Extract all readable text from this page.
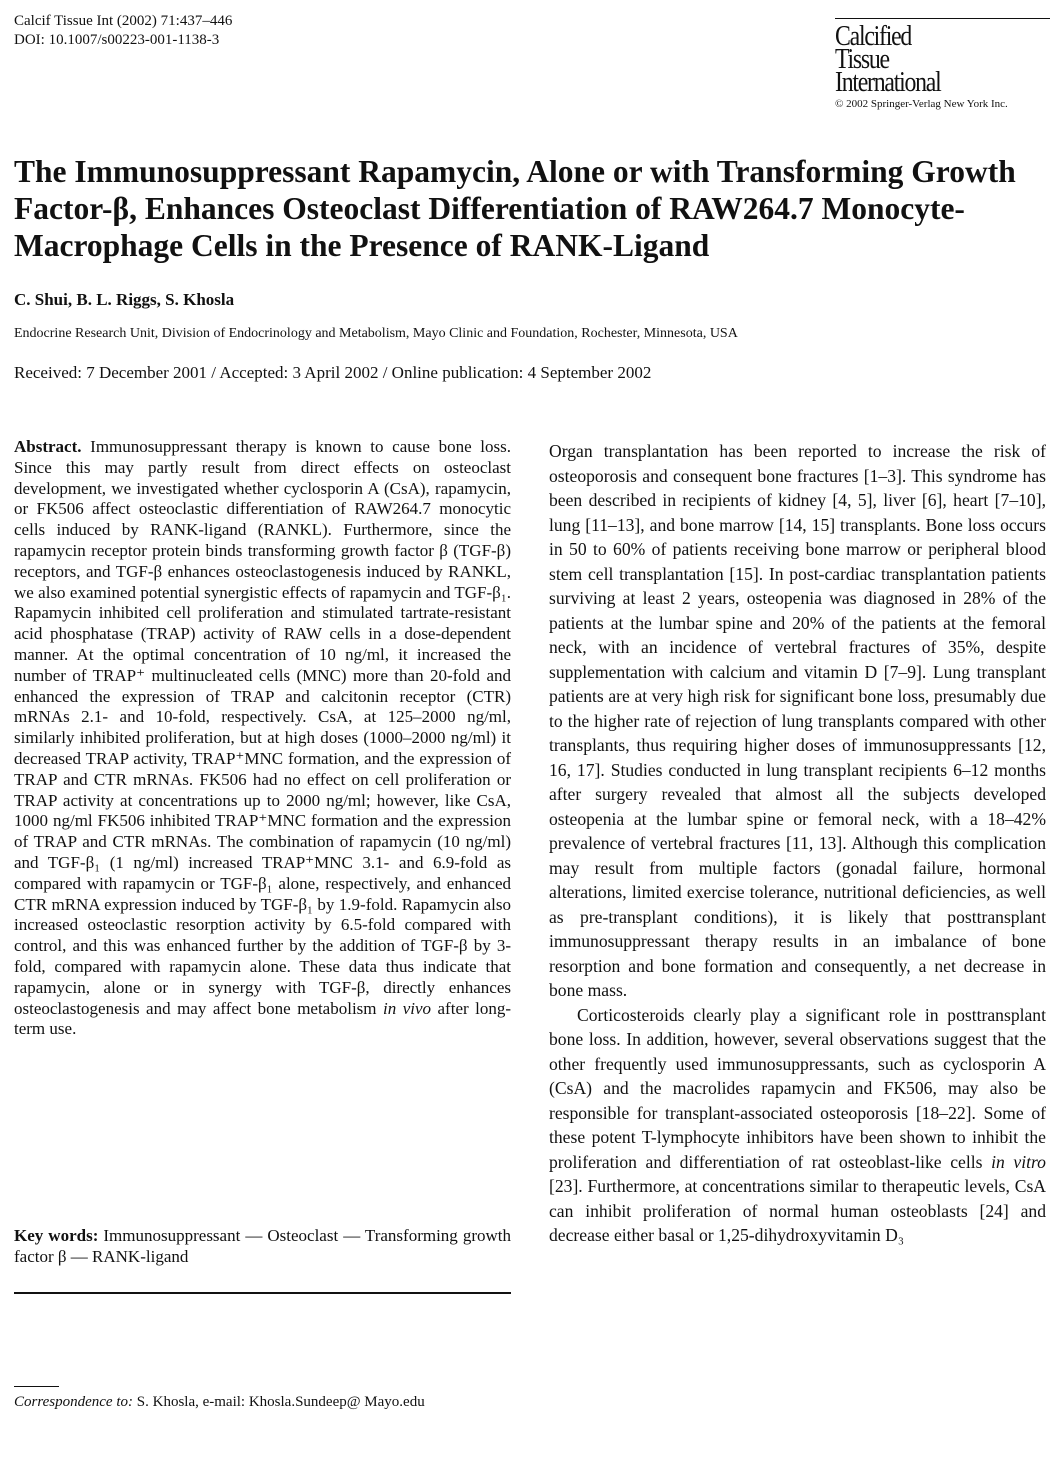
Calcif Tissue Int (2002) 71:437–446
DOI: 10.1007/s00223-001-1138-3	Calcified
Tissue
International
© 2002 Springer-Verlag New York Inc.
The Immunosuppressant Rapamycin, Alone or with Transforming Growth Factor-β, Enhances Osteoclast Differentiation of RAW264.7 Monocyte-Macrophage Cells in the Presence of RANK-Ligand
C. Shui, B. L. Riggs, S. Khosla
Endocrine Research Unit, Division of Endocrinology and Metabolism, Mayo Clinic and Foundation, Rochester, Minnesota, USA
Received: 7 December 2001 / Accepted: 3 April 2002 / Online publication: 4 September 2002

Abstract. Immunosuppressant therapy is known to cause bone loss. Since this may partly result from direct effects on osteoclast development, we investigated whether cyclosporin A (CsA), rapamycin, or FK506 affect osteoclastic differentiation of RAW264.7 monocytic cells induced by RANK-ligand (RANKL). Furthermore, since the rapamycin receptor protein binds transforming growth factor β (TGF-β) receptors, and TGF-β enhances osteoclastogenesis induced by RANKL, we also examined potential synergistic effects of rapamycin and TGF-β₁. Rapamycin inhibited cell proliferation and stimulated tartrate-resistant acid phosphatase (TRAP) activity of RAW cells in a dose-dependent manner. At the optimal concentration of 10 ng/ml, it increased the number of TRAP⁺ multinucleated cells (MNC) more than 20-fold and enhanced the expression of TRAP and calcitonin receptor (CTR) mRNAs 2.1- and 10-fold, respectively. CsA, at 125–2000 ng/ml, similarly inhibited proliferation, but at high doses (1000–2000 ng/ml) it decreased TRAP activity, TRAP⁺MNC formation, and the expression of TRAP and CTR mRNAs. FK506 had no effect on cell proliferation or TRAP activity at concentrations up to 2000 ng/ml; however, like CsA, 1000 ng/ml FK506 inhibited TRAP⁺MNC formation and the expression of TRAP and CTR mRNAs. The combination of rapamycin (10 ng/ml) and TGF-β₁ (1 ng/ml) increased TRAP⁺MNC 3.1- and 6.9-fold as compared with rapamycin or TGF-β₁ alone, respectively, and enhanced CTR mRNA expression induced by TGF-β₁ by 1.9-fold. Rapamycin also increased osteoclastic resorption activity by 6.5-fold compared with control, and this was enhanced further by the addition of TGF-β by 3-fold, compared with rapamycin alone. These data thus indicate that rapamycin, alone or in synergy with TGF-β, directly enhances osteoclastogenesis and may affect bone metabolism in vivo after long-term use.

Key words: Immunosuppressant — Osteoclast — Transforming growth factor β — RANK-ligand

Correspondence to: S. Khosla, e-mail: Khosla.Sundeep@ Mayo.edu

Organ transplantation has been reported to increase the risk of osteoporosis and consequent bone fractures [1–3]. This syndrome has been described in recipients of kidney [4, 5], liver [6], heart [7–10], lung [11–13], and bone marrow [14, 15] transplants. Bone loss occurs in 50 to 60% of patients receiving bone marrow or peripheral blood stem cell transplantation [15]. In post-cardiac transplantation patients surviving at least 2 years, osteopenia was diagnosed in 28% of the patients at the lumbar spine and 20% of the patients at the femoral neck, with an incidence of vertebral fractures of 35%, despite supplementation with calcium and vitamin D [7–9]. Lung transplant patients are at very high risk for significant bone loss, presumably due to the higher rate of rejection of lung transplants compared with other transplants, thus requiring higher doses of immunosuppressants [12, 16, 17]. Studies conducted in lung transplant recipients 6–12 months after surgery revealed that almost all the subjects developed osteopenia at the lumbar spine or femoral neck, with a 18–42% prevalence of vertebral fractures [11, 13]. Although this complication may result from multiple factors (gonadal failure, hormonal alterations, limited exercise tolerance, nutritional deficiencies, as well as pre-transplant conditions), it is likely that posttransplant immunosuppressant therapy results in an imbalance of bone resorption and bone formation and consequently, a net decrease in bone mass.

Corticosteroids clearly play a significant role in posttransplant bone loss. In addition, however, several observations suggest that the other frequently used immunosuppressants, such as cyclosporin A (CsA) and the macrolides rapamycin and FK506, may also be responsible for transplant-associated osteoporosis [18–22]. Some of these potent T-lymphocyte inhibitors have been shown to inhibit the proliferation and differentiation of rat osteoblast-like cells in vitro [23]. Furthermore, at concentrations similar to therapeutic levels, CsA can inhibit proliferation of normal human osteoblasts [24] and decrease either basal or 1,25-dihydroxyvitamin D₃
